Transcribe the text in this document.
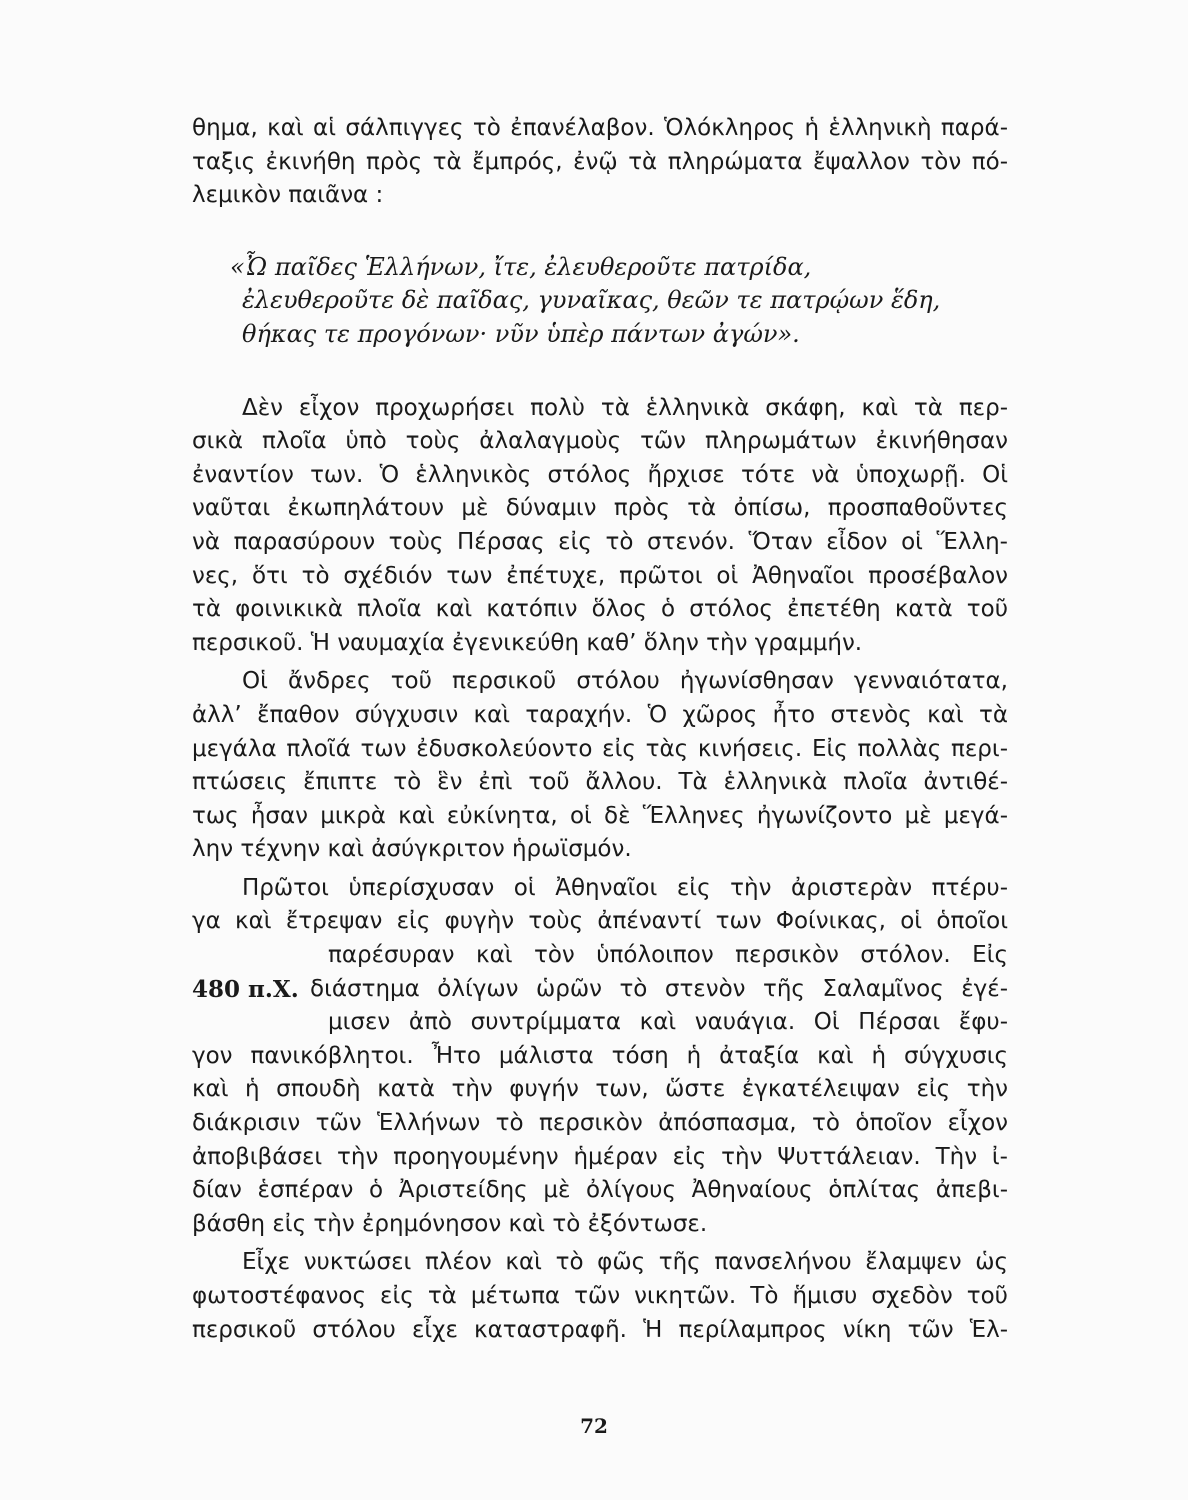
θημα, καὶ αἱ σάλπιγγες τὸ ἐπανέλαβον. Ὁλόκληρος ἡ ἑλληνικὴ παρά-
ταξις ἐκινήθη πρὸς τὰ ἔμπρός, ἐνῷ τὰ πληρώματα ἔψαλλον τὸν πό-
λεμικὸν παιᾶνα :
«Ὦ παῖδες Ἑλλήνων, ἴτε, ἐλευθεροῦτε πατρίδα,
ἐλευθεροῦτε δὲ παῖδας, γυναῖκας, θεῶν τε πατρῴων ἕδη,
θήκας τε προγόνων· νῦν ὑπὲρ πάντων ἀγών».
Δὲν εἶχον προχωρήσει πολὺ τὰ ἑλληνικὰ σκάφη, καὶ τὰ περ-
σικὰ πλοῖα ὑπὸ τοὺς ἀλαλαγμοὺς τῶν πληρωμάτων ἐκινήθησαν
ἐναντίον των. Ὁ ἑλληνικὸς στόλος ἤρχισε τότε νὰ ὑποχωρῇ. Οἱ
ναῦται ἐκωπηλάτουν μὲ δύναμιν πρὸς τὰ ὀπίσω, προσπαθοῦντες
νὰ παρασύρουν τοὺς Πέρσας εἰς τὸ στενόν. Ὅταν εἶδον οἱ Ἕλλη-
νες, ὅτι τὸ σχέδιόν των ἐπέτυχε, πρῶτοι οἱ Ἀθηναῖοι προσέβαλον
τὰ φοινικικὰ πλοῖα καὶ κατόπιν ὅλος ὁ στόλος ἐπετέθη κατὰ τοῦ
περσικοῦ. Ἡ ναυμαχία ἐγενικεύθη καθ’ ὅλην τὴν γραμμήν.
Οἱ ἄνδρες τοῦ περσικοῦ στόλου ἠγωνίσθησαν γενναιότατα,
ἀλλ’ ἔπαθον σύγχυσιν καὶ ταραχήν. Ὁ χῶρος ἦτο στενὸς καὶ τὰ
μεγάλα πλοῖά των ἐδυσκολεύοντο εἰς τὰς κινήσεις. Εἰς πολλὰς περι-
πτώσεις ἔπιπτε τὸ ἓν ἐπὶ τοῦ ἄλλου. Τὰ ἑλληνικὰ πλοῖα ἀντιθέ-
τως ἦσαν μικρὰ καὶ εὐκίνητα, οἱ δὲ Ἕλληνες ἠγωνίζοντο μὲ μεγά-
λην τέχνην καὶ ἀσύγκριτον ἡρωϊσμόν.
Πρῶτοι ὑπερίσχυσαν οἱ Ἀθηναῖοι εἰς τὴν ἀριστερὰν πτέρυ-
γα καὶ ἔτρεψαν εἰς φυγὴν τοὺς ἀπέναντί των Φοίνικας, οἱ ὁποῖοι
παρέσυραν καὶ τὸν ὑπόλοιπον περσικὸν στόλον. Εἰς
480 π.Χ. διάστημα ὀλίγων ὡρῶν τὸ στενὸν τῆς Σαλαμῖνος ἐγέ-
μισεν ἀπὸ συντρίμματα καὶ ναυάγια. Οἱ Πέρσαι ἔφυ-
γον πανικόβλητοι. Ἦτο μάλιστα τόση ἡ ἀταξία καὶ ἡ σύγχυσις
καὶ ἡ σπουδὴ κατὰ τὴν φυγήν των, ὥστε ἐγκατέλειψαν εἰς τὴν
διάκρισιν τῶν Ἑλλήνων τὸ περσικὸν ἀπόσπασμα, τὸ ὁποῖον εἶχον
ἀποβιβάσει τὴν προηγουμένην ἡμέραν εἰς τὴν Ψυττάλειαν. Τὴν ἰ-
δίαν ἑσπέραν ὁ Ἀριστείδης μὲ ὀλίγους Ἀθηναίους ὁπλίτας ἀπεβι-
βάσθη εἰς τὴν ἐρημόνησον καὶ τὸ ἐξόντωσε.
Εἶχε νυκτώσει πλέον καὶ τὸ φῶς τῆς πανσελήνου ἔλαμψεν ὡς
φωτοστέφανος εἰς τὰ μέτωπα τῶν νικητῶν. Τὸ ἥμισυ σχεδὸν τοῦ
περσικοῦ στόλου εἶχε καταστραφῆ. Ἡ περίλαμπρος νίκη τῶν Ἑλ-
72
